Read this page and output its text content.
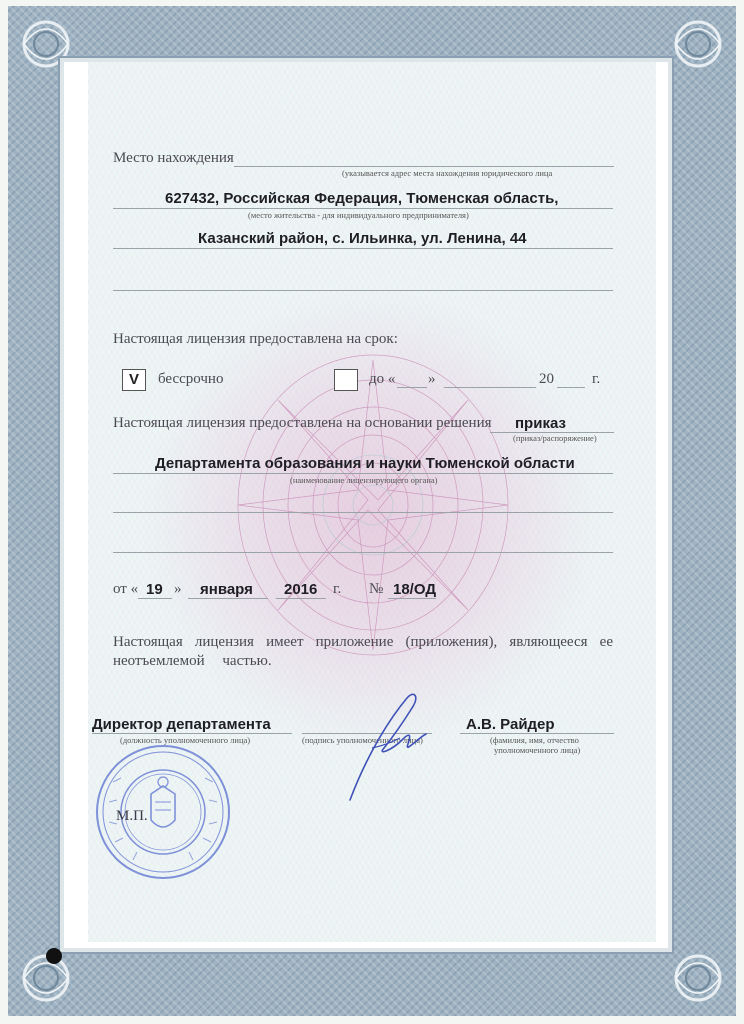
Место нахождения
(указывается адрес места нахождения юридического лица
627432, Российская Федерация, Тюменская область,
(место жительства - для индивидуального предпринимателя)
Казанский район, с. Ильинка, ул. Ленина, 44
Настоящая лицензия предоставлена на срок:
V	бессрочно	до « »	20	г.
Настоящая лицензия предоставлена на основании решения приказ
(приказ/распоряжение)
Департамента образования и науки Тюменской области
(наименование лицензирующего органа)
от « 19 » января 2016 г. № 18/ОД
Настоящая лицензия имеет приложение (приложения), являющееся ее
неотъемлемой частью.
Директор департамента
(должность уполномоченного лица)	(подпись уполномоченного лица)
А.В. Райдер
(фамилия, имя, отчество
уполномоченного лица)
М.П.
